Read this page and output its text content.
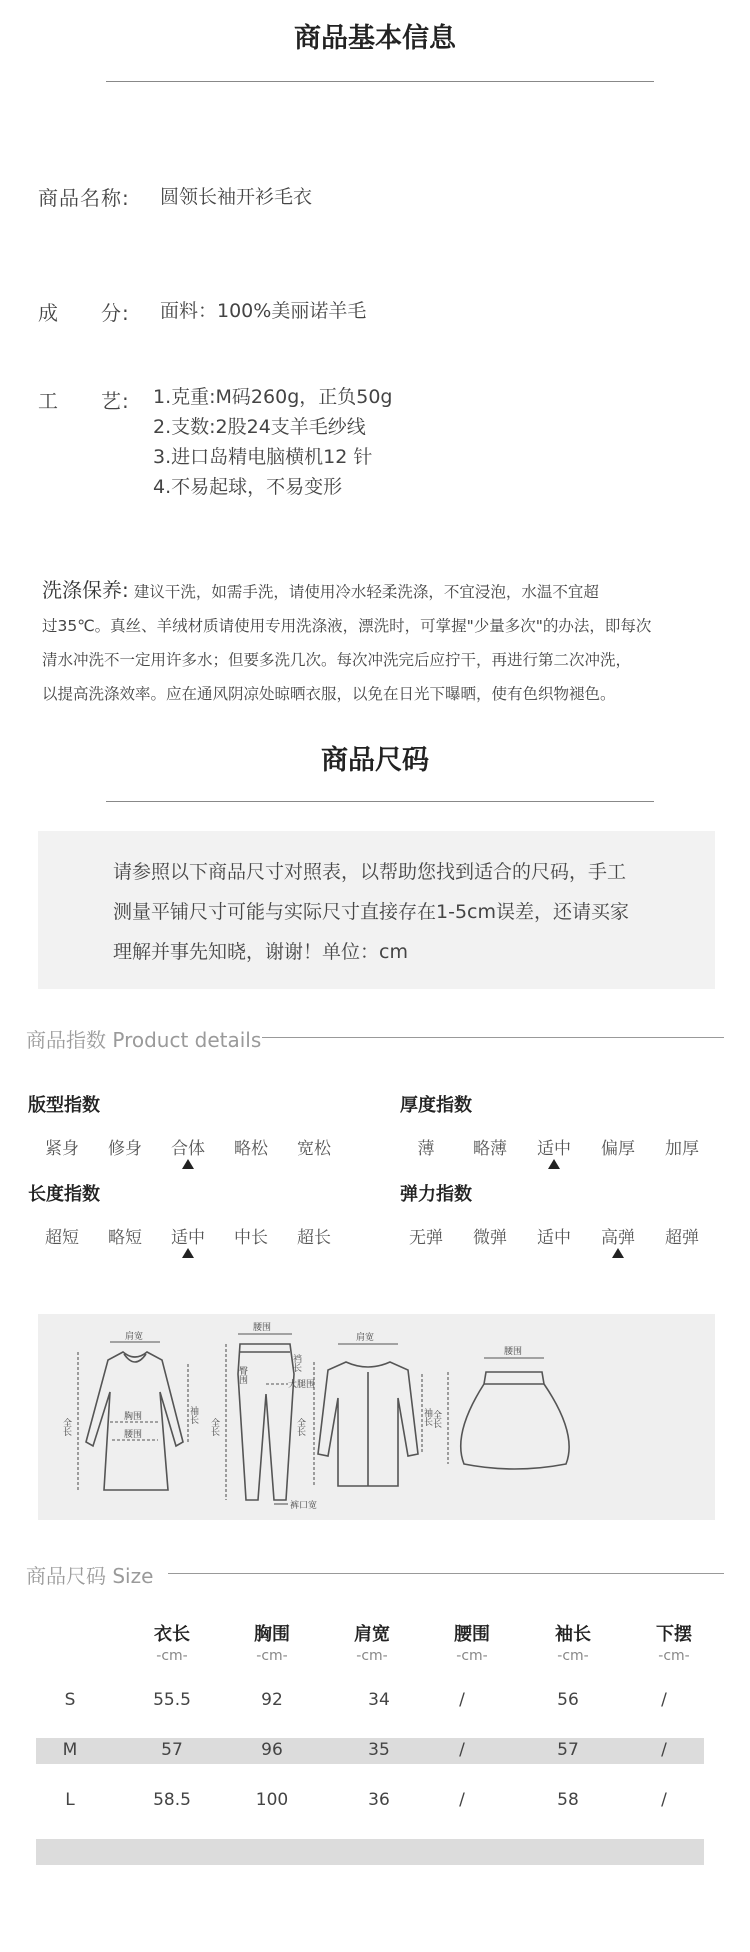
商品基本信息
商品名称: 圆领长袖开衫毛衣
成　　分: 面料：100%美丽诺羊毛
工　　艺: 1.克重:M码260g，正负50g
2.支数:2股24支羊毛纱线
3.进口岛精电脑横机12 针
4.不易起球，不易变形
洗涤保养: 建议干洗，如需手洗，请使用冷水轻柔洗涤，不宜浸泡，水温不宜超
过35℃。真丝、羊绒材质请使用专用洗涤液，漂洗时，可掌握"少量多次"的办法，即每次
清水冲洗不一定用许多水；但要多洗几次。每次冲洗完后应拧干，再进行第二次冲洗，
以提高洗涤效率。应在通风阴凉处晾晒衣服，以免在日光下曝晒，使有色织物褪色。
商品尺码
请参照以下商品尺寸对照表，以帮助您找到适合的尺码，手工
测量平铺尺寸可能与实际尺寸直接存在1-5cm误差，还请买家
理解并事先知晓，谢谢！单位：cm
商品指数 Product details
版型指数
紧身	修身	合体	略松	宽松
厚度指数
薄	略薄	适中	偏厚	加厚
长度指数
超短	略短	适中	中长	超长
弹力指数
无弹	微弹	适中	高弹	超弹
肩宽
胸围
腰围
全长
袖长
腰围
臀围
裆长
大腿围
全长
裤口宽
肩宽
全长
袖长
腰围
全长
商品尺码 Size
衣长	胸围	肩宽	腰围	袖长	下摆
-cm-	-cm-	-cm-	-cm-	-cm-	-cm-
S	55.5	92	34	/	56	/
M	57	96	35	/	57	/
L	58.5	100	36	/	58	/
